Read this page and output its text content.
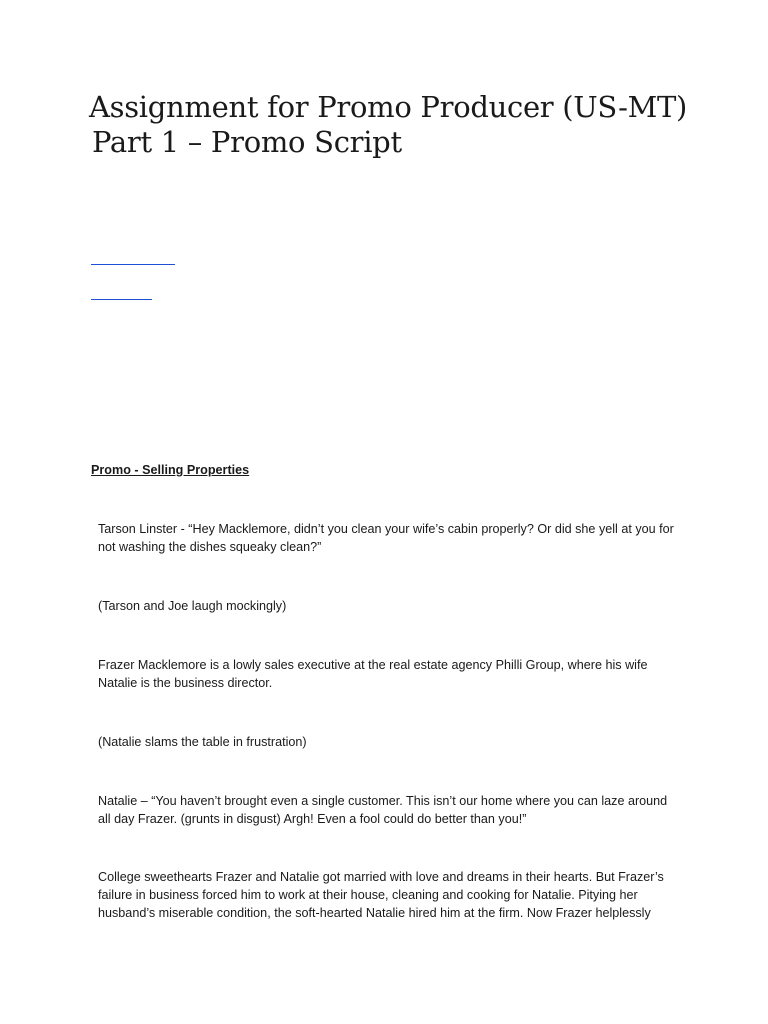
Assignment for Promo Producer (US-MT)
Part 1 – Promo Script
Promo - Selling Properties

Tarson Linster - “Hey Macklemore, didn’t you clean your wife’s cabin properly? Or did she yell at you for not washing the dishes squeaky clean?”

(Tarson and Joe laugh mockingly)

Frazer Macklemore is a lowly sales executive at the real estate agency Philli Group, where his wife Natalie is the business director.

(Natalie slams the table in frustration)

Natalie – “You haven’t brought even a single customer. This isn’t our home where you can laze around all day Frazer. (grunts in disgust) Argh! Even a fool could do better than you!”

College sweethearts Frazer and Natalie got married with love and dreams in their hearts. But Frazer’s failure in business forced him to work at their house, cleaning and cooking for Natalie. Pitying her husband’s miserable condition, the soft-hearted Natalie hired him at the firm. Now Frazer helplessly
